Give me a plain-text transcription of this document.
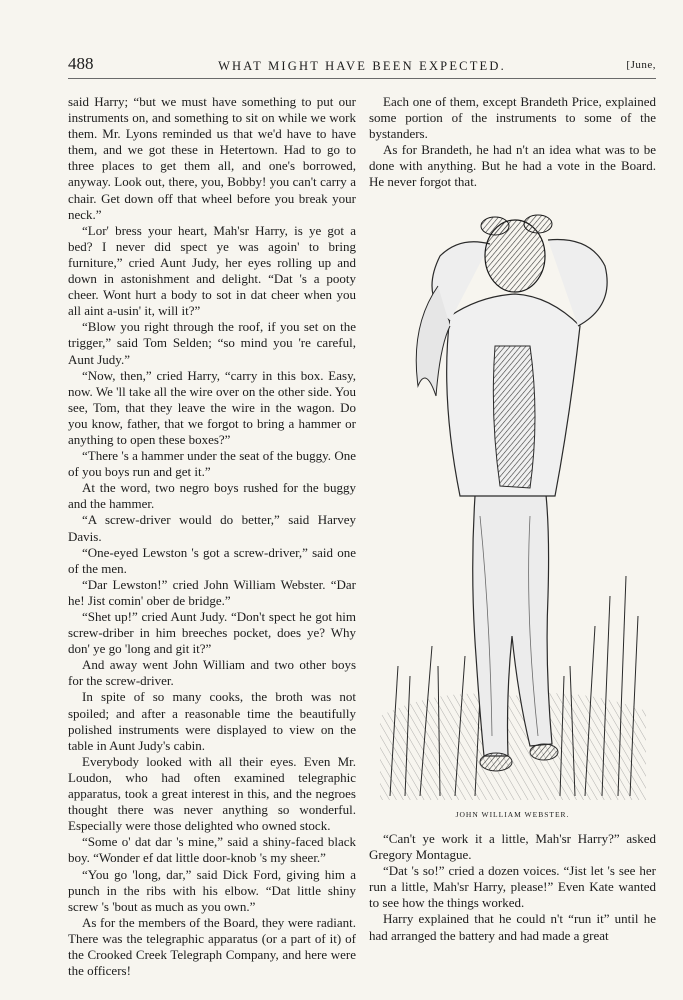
488	WHAT MIGHT HAVE BEEN EXPECTED.	[June,

said Harry; “but we must have something to put our instruments on, and something to sit on while we work them. Mr. Lyons reminded us that we'd have to have them, and we got these in Hetertown. Had to go to three places to get them all, and one's borrowed, anyway. Look out, there, you, Bobby! you can't carry a chair. Get down off that wheel before you break your neck.”

“Lor' bress your heart, Mah'sr Harry, is ye got a bed? I never did spect ye was agoin' to bring furniture,” cried Aunt Judy, her eyes rolling up and down in astonishment and delight. “Dat 's a pooty cheer. Wont hurt a body to sot in dat cheer when you all aint a-usin' it, will it?”

“Blow you right through the roof, if you set on the trigger,” said Tom Selden; “so mind you 're careful, Aunt Judy.”

“Now, then,” cried Harry, “carry in this box. Easy, now. We 'll take all the wire over on the other side. You see, Tom, that they leave the wire in the wagon. Do you know, father, that we forgot to bring a hammer or anything to open these boxes?”

“There 's a hammer under the seat of the buggy. One of you boys run and get it.”

At the word, two negro boys rushed for the buggy and the hammer.

“A screw-driver would do better,” said Harvey Davis.

“One-eyed Lewston 's got a screw-driver,” said one of the men.

“Dar Lewston!” cried John William Webster. “Dar he! Jist comin' ober de bridge.”

“Shet up!” cried Aunt Judy. “Don't spect he got him screw-driber in him breeches pocket, does ye? Why don' ye go 'long and git it?”

And away went John William and two other boys for the screw-driver.

In spite of so many cooks, the broth was not spoiled; and after a reasonable time the beautifully polished instruments were displayed to view on the table in Aunt Judy's cabin.

Everybody looked with all their eyes. Even Mr. Loudon, who had often examined telegraphic apparatus, took a great interest in this, and the negroes thought there was never anything so wonderful. Especially were those delighted who owned stock.

“Some o' dat dar 's mine,” said a shiny-faced black boy. “Wonder ef dat little door-knob 's my sheer.”

“You go 'long, dar,” said Dick Ford, giving him a punch in the ribs with his elbow. “Dat little shiny screw 's 'bout as much as you own.”

As for the members of the Board, they were radiant. There was the telegraphic apparatus (or a part of it) of the Crooked Creek Telegraph Company, and here were the officers!

Each one of them, except Brandeth Price, explained some portion of the instruments to some of the bystanders.

As for Brandeth, he had n't an idea what was to be done with anything. But he had a vote in the Board. He never forgot that.

JOHN WILLIAM WEBSTER.

“Can't ye work it a little, Mah'sr Harry?” asked Gregory Montague.

“Dat 's so!” cried a dozen voices. “Jist let 's see her run a little, Mah'sr Harry, please!” Even Kate wanted to see how the things worked.

Harry explained that he could n't “run it” until he had arranged the battery and had made a great
